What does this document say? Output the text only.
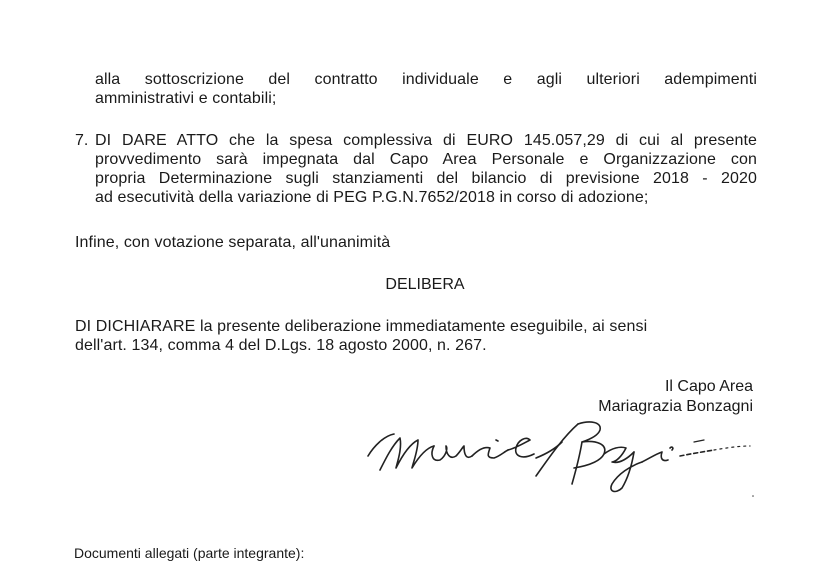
alla sottoscrizione del contratto individuale e agli ulteriori adempimenti
amministrativi e contabili;
7. DI DARE ATTO che la spesa complessiva di EURO 145.057,29 di cui al presente
provvedimento sarà impegnata dal Capo Area Personale e Organizzazione con
propria Determinazione sugli stanziamenti del bilancio di previsione 2018 - 2020
ad esecutività della variazione di PEG P.G.N.7652/2018 in corso di adozione;
Infine, con votazione separata, all'unanimità
DELIBERA
DI DICHIARARE la presente deliberazione immediatamente eseguibile, ai sensi
dell'art. 134, comma 4 del D.Lgs. 18 agosto 2000, n. 267.
Il Capo Area
Mariagrazia Bonzagni
Documenti allegati (parte integrante):
